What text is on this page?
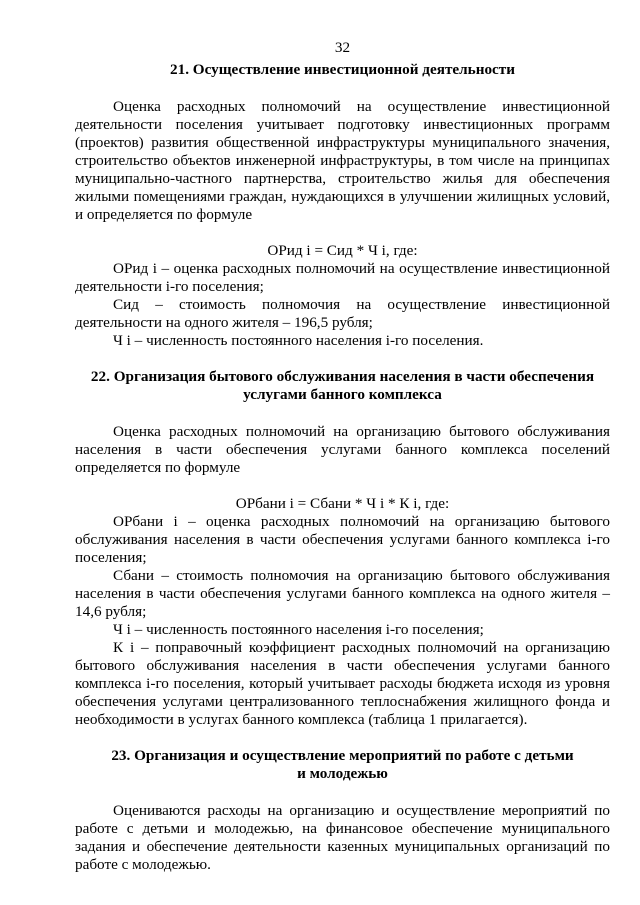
32

21. Осуществление инвестиционной деятельности

Оценка расходных полномочий на осуществление инвестиционной деятельности поселения учитывает подготовку инвестиционных программ (проектов) развития общественной инфраструктуры муниципального значения, строительство объектов инженерной инфраструктуры, в том числе на принципах муниципально-частного партнерства, строительство жилья для обеспечения жилыми помещениями граждан, нуждающихся в улучшении жилищных условий, и определяется по формуле

ОРид i = Сид * Ч i, где:

ОРид i – оценка расходных полномочий на осуществление инвестиционной деятельности i-го поселения;

Сид – стоимость полномочия на осуществление инвестиционной деятельности на одного жителя – 196,5 рубля;

Ч i – численность постоянного населения i-го поселения.

22. Организация бытового обслуживания населения в части обеспечения
услугами банного комплекса

Оценка расходных полномочий на организацию бытового обслуживания населения в части обеспечения услугами банного комплекса поселений определяется по формуле

ОРбани i = Сбани * Ч i * К i, где:

ОРбани i – оценка расходных полномочий на организацию бытового обслуживания населения в части обеспечения услугами банного комплекса i-го поселения;

Сбани – стоимость полномочия на организацию бытового обслуживания населения в части обеспечения услугами банного комплекса на одного жителя – 14,6 рубля;

Ч i – численность постоянного населения i-го поселения;

К i – поправочный коэффициент расходных полномочий на организацию бытового обслуживания населения в части обеспечения услугами банного комплекса i-го поселения, который учитывает расходы бюджета исходя из уровня обеспечения услугами централизованного теплоснабжения жилищного фонда и необходимости в услугах банного комплекса (таблица 1 прилагается).

23. Организация и осуществление мероприятий по работе с детьми
и молодежью

Оцениваются расходы на организацию и осуществление мероприятий по работе с детьми и молодежью, на финансовое обеспечение муниципального задания и обеспечение деятельности казенных муниципальных организаций по работе с молодежью.
